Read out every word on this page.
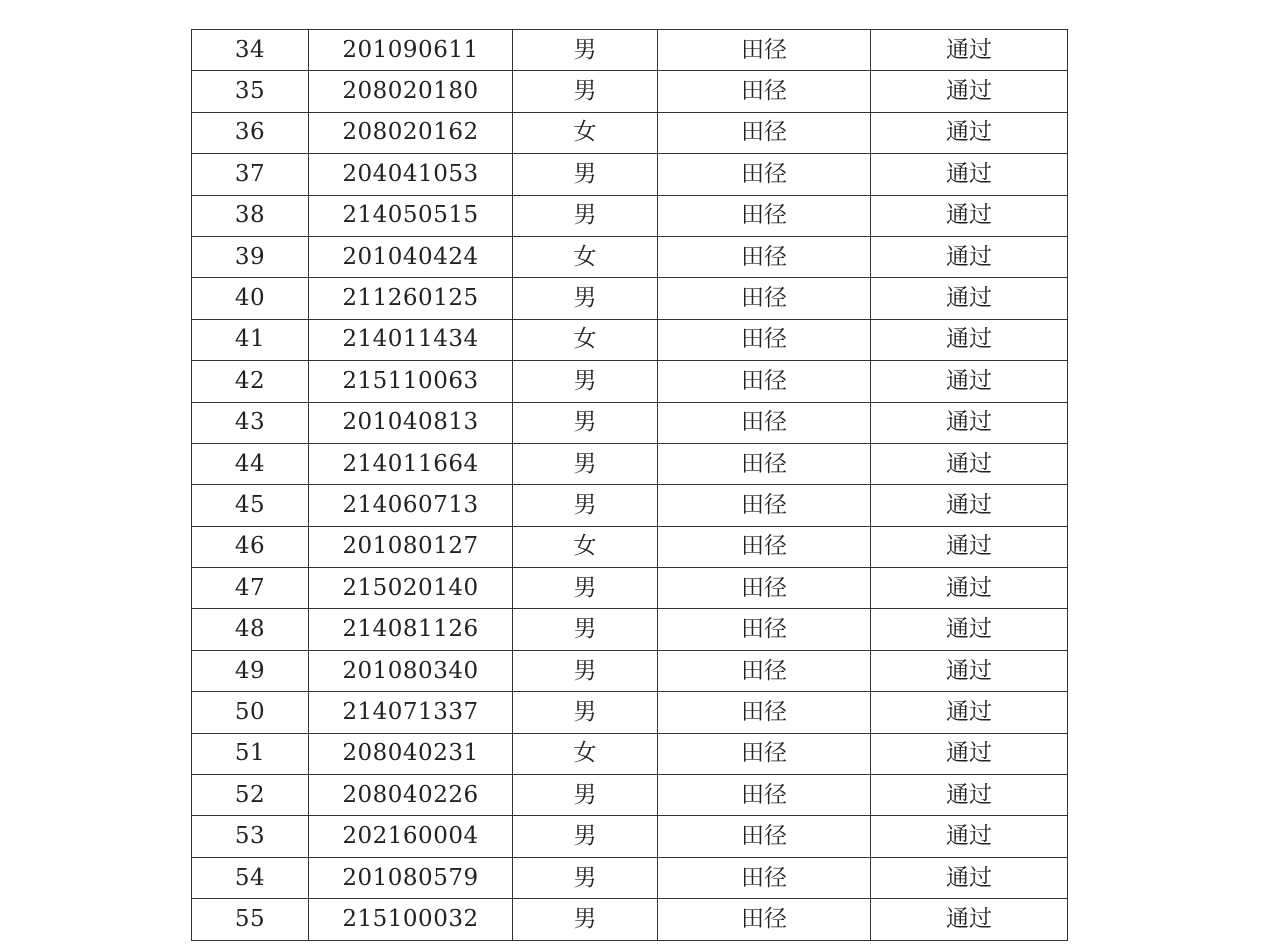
34	201090611	男	田径	通过
35	208020180	男	田径	通过
36	208020162	女	田径	通过
37	204041053	男	田径	通过
38	214050515	男	田径	通过
39	201040424	女	田径	通过
40	211260125	男	田径	通过
41	214011434	女	田径	通过
42	215110063	男	田径	通过
43	201040813	男	田径	通过
44	214011664	男	田径	通过
45	214060713	男	田径	通过
46	201080127	女	田径	通过
47	215020140	男	田径	通过
48	214081126	男	田径	通过
49	201080340	男	田径	通过
50	214071337	男	田径	通过
51	208040231	女	田径	通过
52	208040226	男	田径	通过
53	202160004	男	田径	通过
54	201080579	男	田径	通过
55	215100032	男	田径	通过
